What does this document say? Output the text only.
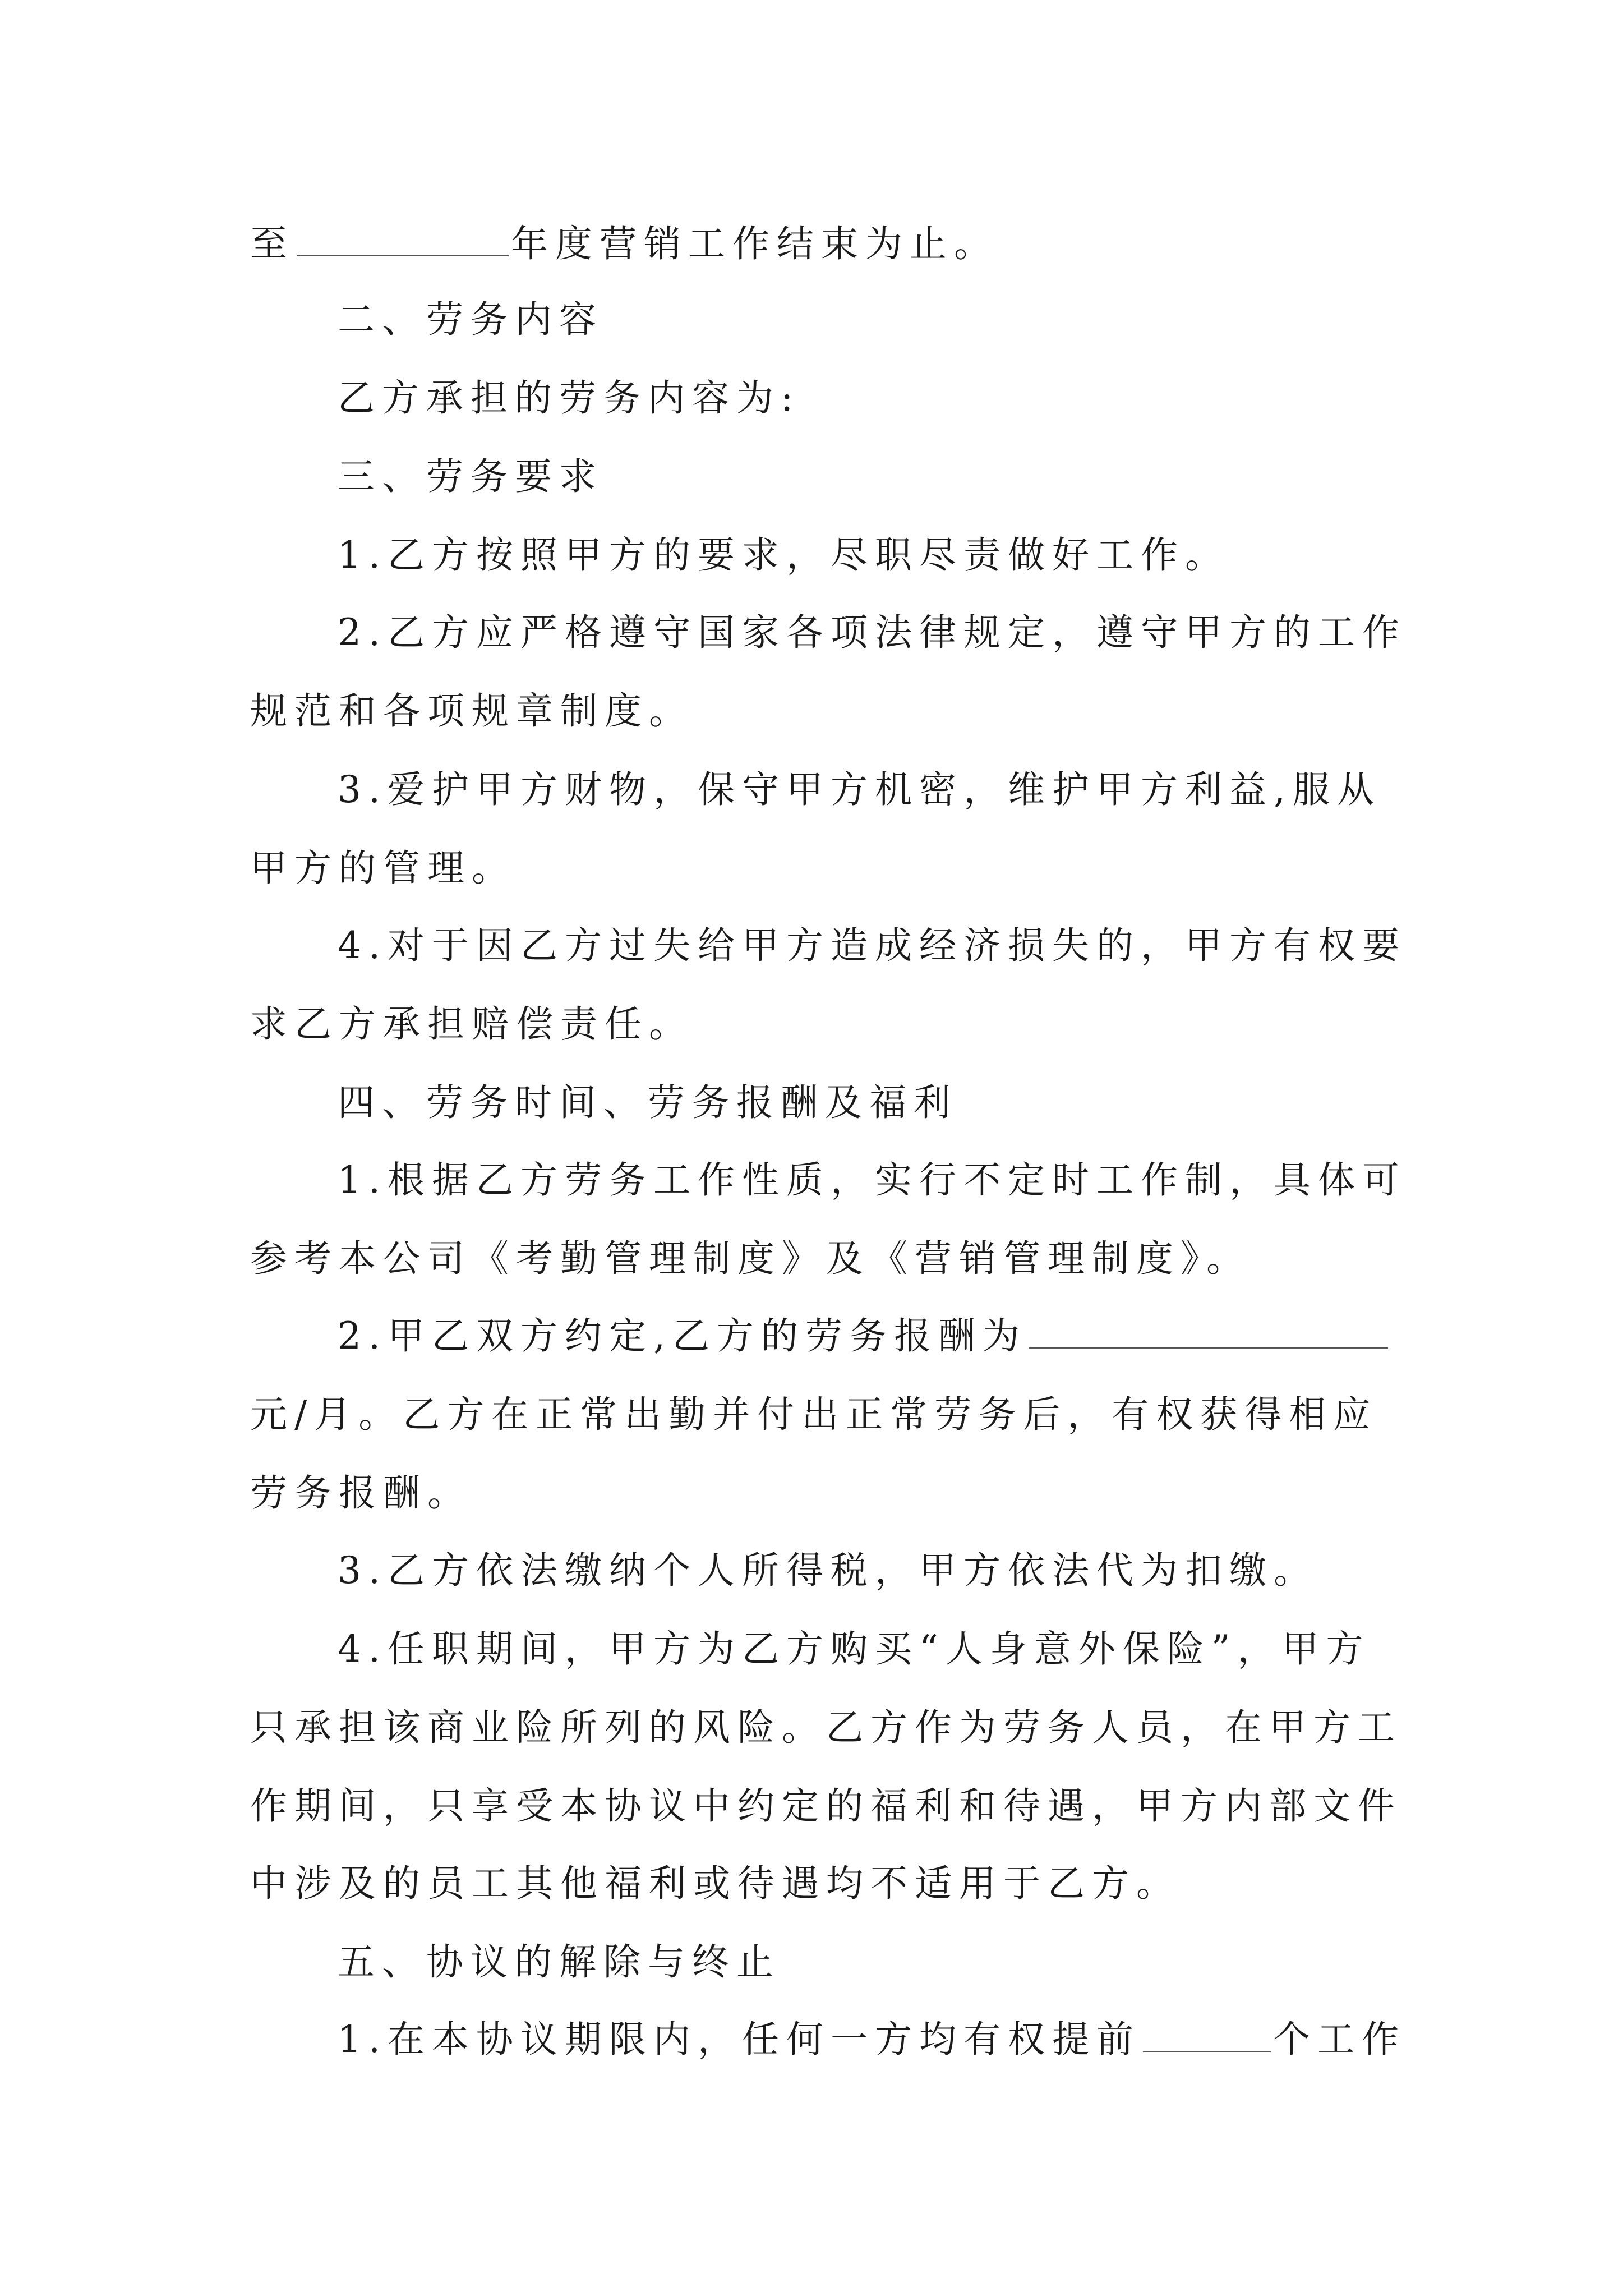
至	年度营销工作结束为止。
二、劳务内容
乙方承担的劳务内容为:
三、劳务要求
1.乙方按照甲方的要求，尽职尽责做好工作。
2.乙方应严格遵守国家各项法律规定，遵守甲方的工作
规范和各项规章制度。
3.爱护甲方财物，保守甲方机密，维护甲方利益,服从
甲方的管理。
4.对于因乙方过失给甲方造成经济损失的，甲方有权要
求乙方承担赔偿责任。
四、劳务时间、劳务报酬及福利
1.根据乙方劳务工作性质，实行不定时工作制，具体可
参考本公司《考勤管理制度》及《营销管理制度》。
2.甲乙双方约定,乙方的劳务报酬为
元/月。乙方在正常出勤并付出正常劳务后，有权获得相应
劳务报酬。
3.乙方依法缴纳个人所得税，甲方依法代为扣缴。
4.任职期间，甲方为乙方购买“人身意外保险”，甲方
只承担该商业险所列的风险。乙方作为劳务人员，在甲方工
作期间，只享受本协议中约定的福利和待遇，甲方内部文件
中涉及的员工其他福利或待遇均不适用于乙方。
五、协议的解除与终止
1.在本协议期限内，任何一方均有权提前	个工作
